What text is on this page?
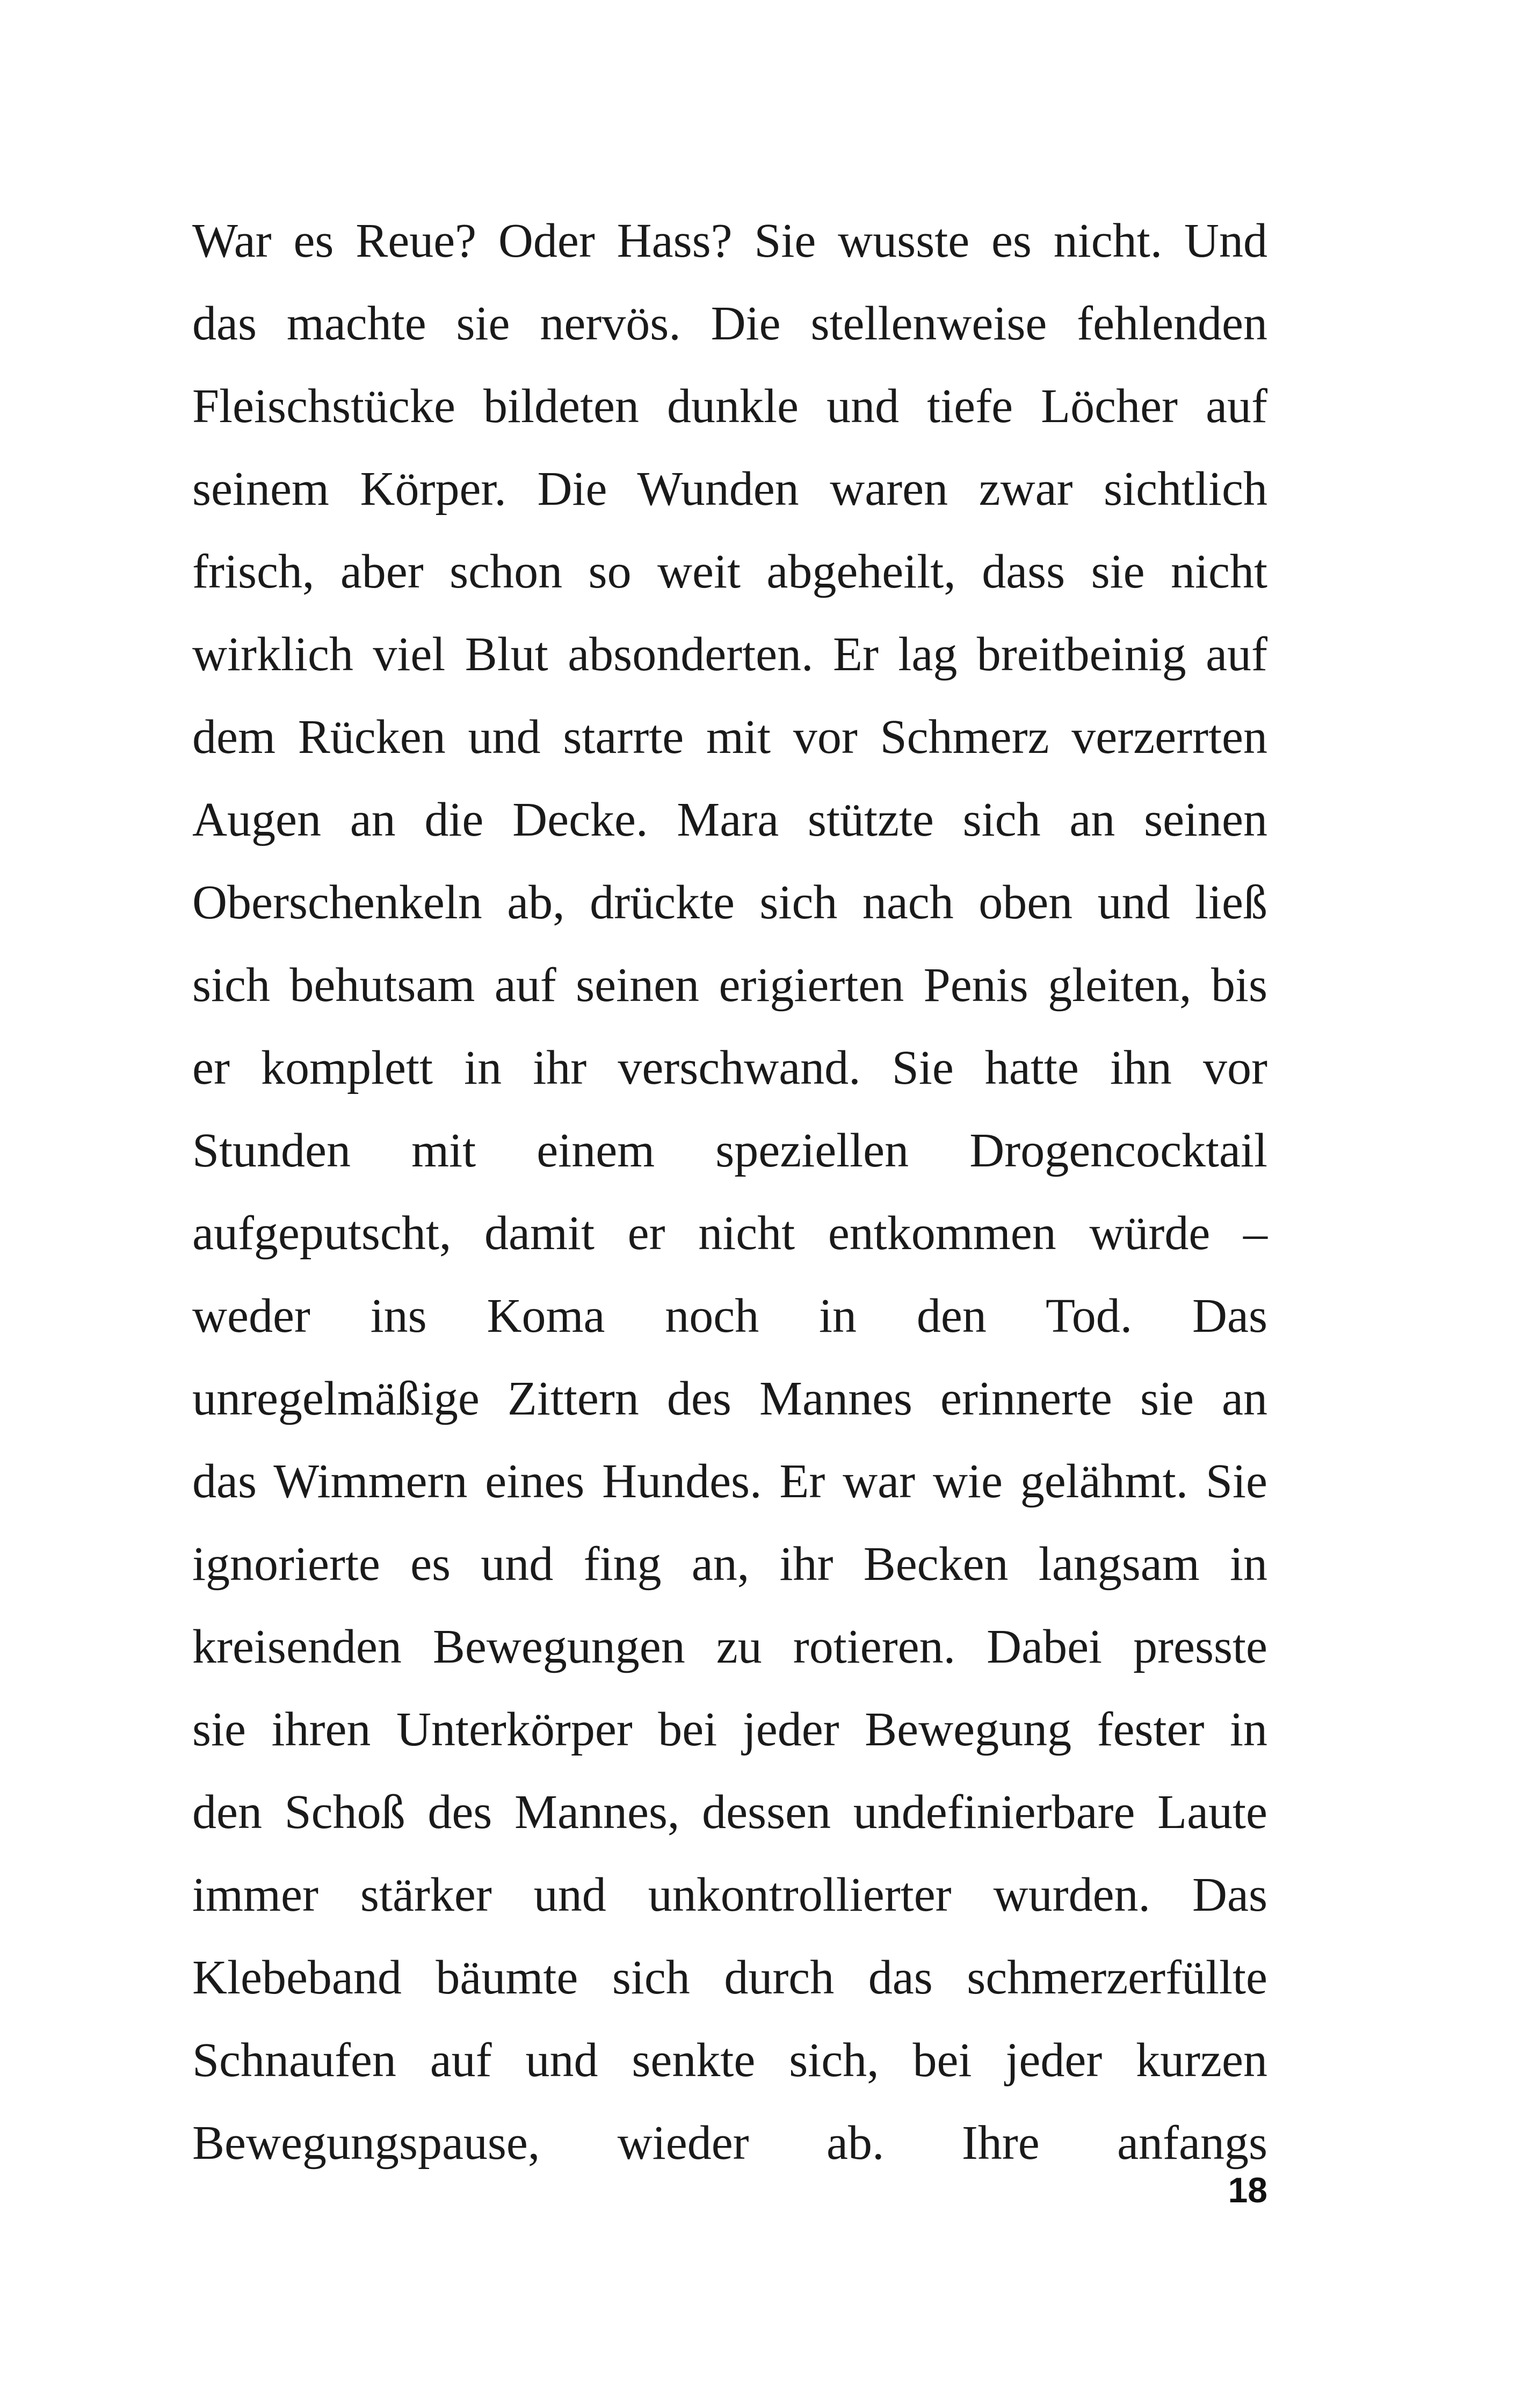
War es Reue? Oder Hass? Sie wusste es nicht. Und
das machte sie nervös. Die stellenweise fehlenden
Fleischstücke bildeten dunkle und tiefe Löcher auf
seinem Körper. Die Wunden waren zwar sichtlich
frisch, aber schon so weit abgeheilt, dass sie nicht
wirklich viel Blut absonderten. Er lag breitbeinig auf
dem Rücken und starrte mit vor Schmerz verzerrten
Augen an die Decke. Mara stützte sich an seinen
Oberschenkeln ab, drückte sich nach oben und ließ
sich behutsam auf seinen erigierten Penis gleiten, bis
er komplett in ihr verschwand. Sie hatte ihn vor
Stunden mit einem speziellen Drogencocktail
aufgeputscht, damit er nicht entkommen würde –
weder ins Koma noch in den Tod. Das
unregelmäßige Zittern des Mannes erinnerte sie an
das Wimmern eines Hundes. Er war wie gelähmt. Sie
ignorierte es und fing an, ihr Becken langsam in
kreisenden Bewegungen zu rotieren. Dabei presste
sie ihren Unterkörper bei jeder Bewegung fester in
den Schoß des Mannes, dessen undefinierbare Laute
immer stärker und unkontrollierter wurden. Das
Klebeband bäumte sich durch das schmerzerfüllte
Schnaufen auf und senkte sich, bei jeder kurzen
Bewegungspause, wieder ab. Ihre anfangs
18
